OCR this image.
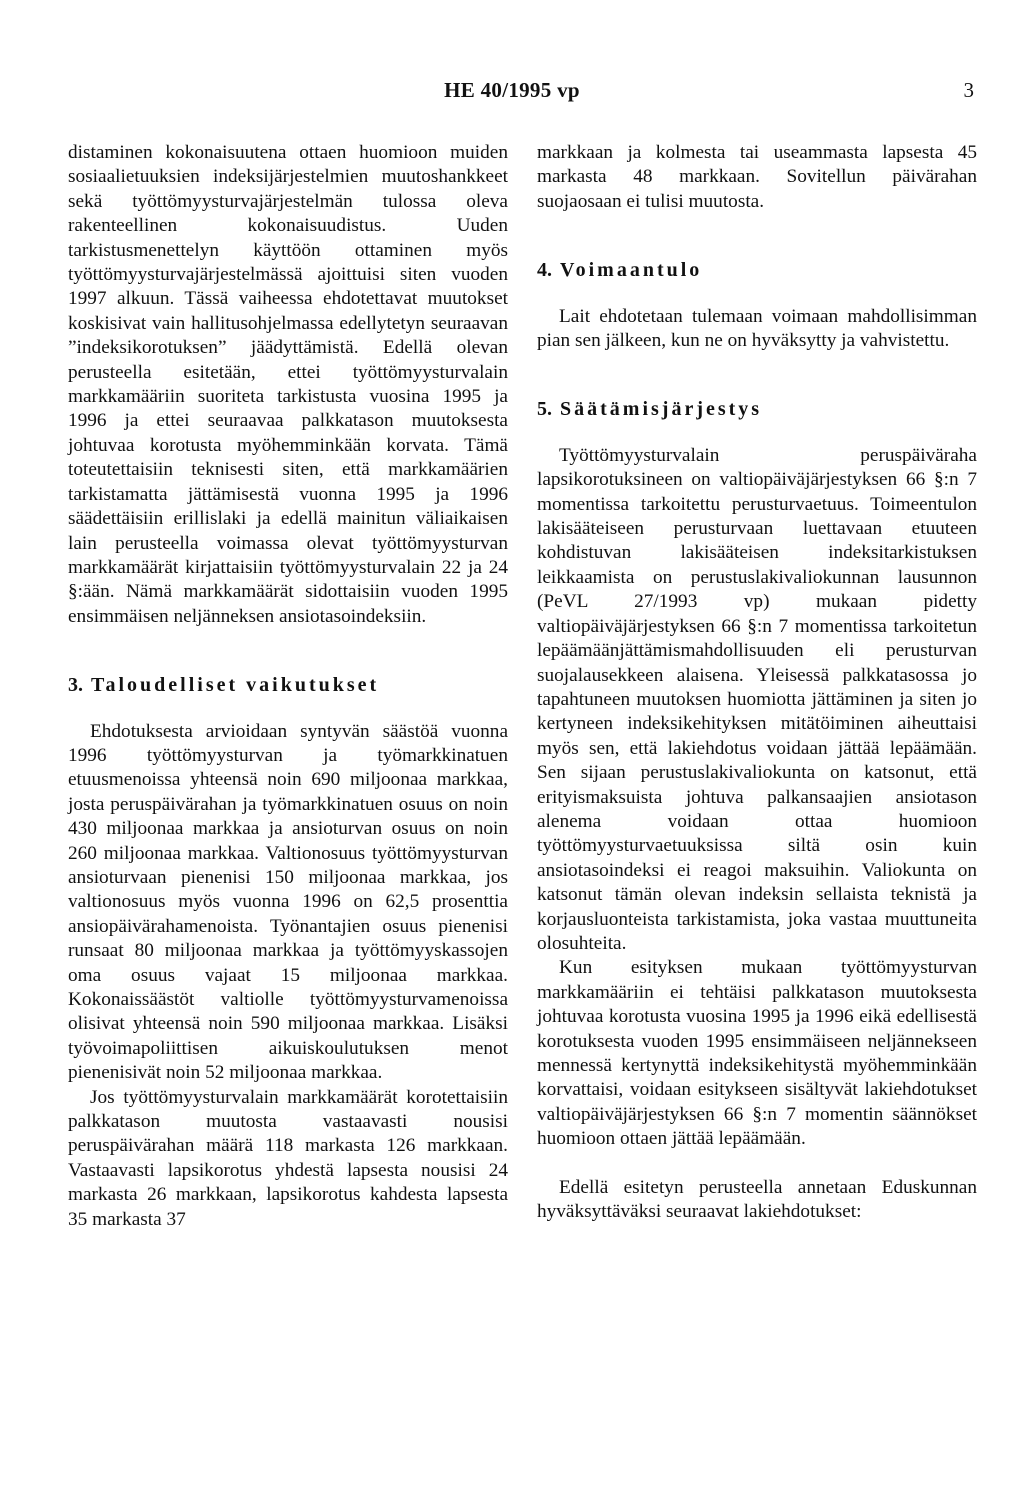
HE 40/1995 vp	3

distaminen kokonaisuutena ottaen huomioon muiden sosiaalietuuksien indeksijärjestelmien muutoshankkeet sekä työttömyysturvajärjestelmän tulossa oleva rakenteellinen kokonaisuudistus. Uuden tarkistusmenettelyn käyttöön ottaminen myös työttömyysturvajärjestelmässä ajoittuisi siten vuoden 1997 alkuun. Tässä vaiheessa ehdotettavat muutokset koskisivat vain hallitusohjelmassa edellytetyn seuraavan ”indeksikorotuksen” jäädyttämistä. Edellä olevan perusteella esitetään, ettei työttömyysturvalain markkamääriin suoriteta tarkistusta vuosina 1995 ja 1996 ja ettei seuraavaa palkkatason muutoksesta johtuvaa korotusta myöhemminkään korvata. Tämä toteutettaisiin teknisesti siten, että markkamäärien tarkistamatta jättämisestä vuonna 1995 ja 1996 säädettäisiin erillislaki ja edellä mainitun väliaikaisen lain perusteella voimassa olevat työttömyysturvan markkamäärät kirjattaisiin työttömyysturvalain 22 ja 24 §:ään. Nämä markkamäärät sidottaisiin vuoden 1995 ensimmäisen neljänneksen ansiotasoindeksiin.

3. Taloudelliset vaikutukset

Ehdotuksesta arvioidaan syntyvän säästöä vuonna 1996 työttömyysturvan ja työmarkkinatuen etuusmenoissa yhteensä noin 690 miljoonaa markkaa, josta peruspäivärahan ja työmarkkinatuen osuus on noin 430 miljoonaa markkaa ja ansioturvan osuus on noin 260 miljoonaa markkaa. Valtionosuus työttömyysturvan ansioturvaan pienenisi 150 miljoonaa markkaa, jos valtionosuus myös vuonna 1996 on 62,5 prosenttia ansiopäivärahamenoista. Työnantajien osuus pienenisi runsaat 80 miljoonaa markkaa ja työttömyyskassojen oma osuus vajaat 15 miljoonaa markkaa. Kokonaissäästöt valtiolle työttömyysturvamenoissa olisivat yhteensä noin 590 miljoonaa markkaa. Lisäksi työvoimapoliittisen aikuiskoulutuksen menot pienenisivät noin 52 miljoonaa markkaa.

Jos työttömyysturvalain markkamäärät korotettaisiin palkkatason muutosta vastaavasti nousisi peruspäivärahan määrä 118 markasta 126 markkaan. Vastaavasti lapsikorotus yhdestä lapsesta nousisi 24 markasta 26 markkaan, lapsikorotus kahdesta lapsesta 35 markasta 37

markkaan ja kolmesta tai useammasta lapsesta 45 markasta 48 markkaan. Sovitellun päivärahan suojaosaan ei tulisi muutosta.

4. Voimaantulo

Lait ehdotetaan tulemaan voimaan mahdollisimman pian sen jälkeen, kun ne on hyväksytty ja vahvistettu.

5. Säätämisjärjestys

Työttömyysturvalain peruspäiväraha lapsikorotuksineen on valtiopäiväjärjestyksen 66 §:n 7 momentissa tarkoitettu perusturvaetuus. Toimeentulon lakisääteiseen perusturvaan luettavaan etuuteen kohdistuvan lakisääteisen indeksitarkistuksen leikkaamista on perustuslakivaliokunnan lausunnon (PeVL 27/1993 vp) mukaan pidetty valtiopäiväjärjestyksen 66 §:n 7 momentissa tarkoitetun lepäämäänjättämismahdollisuuden eli perusturvan suojalausekkeen alaisena. Yleisessä palkkatasossa jo tapahtuneen muutoksen huomiotta jättäminen ja siten jo kertyneen indeksikehityksen mitätöiminen aiheuttaisi myös sen, että lakiehdotus voidaan jättää lepäämään. Sen sijaan perustuslakivaliokunta on katsonut, että erityismaksuista johtuva palkansaajien ansiotason alenema voidaan ottaa huomioon työttömyysturvaetuuksissa siltä osin kuin ansiotasoindeksi ei reagoi maksuihin. Valiokunta on katsonut tämän olevan indeksin sellaista teknistä ja korjausluonteista tarkistamista, joka vastaa muuttuneita olosuhteita.

Kun esityksen mukaan työttömyysturvan markkamääriin ei tehtäisi palkkatason muutoksesta johtuvaa korotusta vuosina 1995 ja 1996 eikä edellisestä korotuksesta vuoden 1995 ensimmäiseen neljännekseen mennessä kertynyttä indeksikehitystä myöhemminkään korvattaisi, voidaan esitykseen sisältyvät lakiehdotukset valtiopäiväjärjestyksen 66 §:n 7 momentin säännökset huomioon ottaen jättää lepäämään.

Edellä esitetyn perusteella annetaan Eduskunnan hyväksyttäväksi seuraavat lakiehdotukset:
